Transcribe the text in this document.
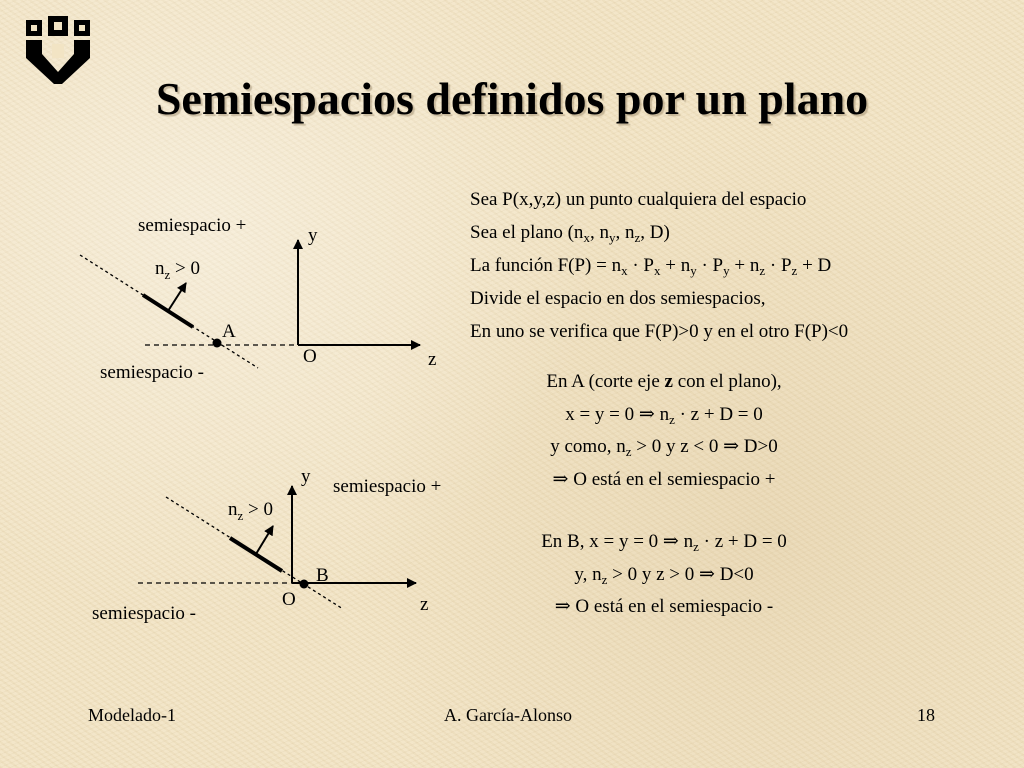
Semiespacios definidos por un plano
semiespacio +
$n_z > 0$
y
z
O
A
semiespacio -
semiespacio +
$n_z > 0$
y
z
O
B
semiespacio -
Sea P(x,y,z) un punto cualquiera del espacio
Sea el plano ($n_x$, $n_y$, $n_z$, D)
La función $F(P) = n_x \cdot P_x + n_y \cdot P_y + n_z \cdot P_z + D$
Divide el espacio en dos semiespacios,
En uno se verifica que F(P)>0 y en el otro F(P)<0
En A (corte eje z con el plano),
x = y = 0 ⇒ $n_z \cdot z + D = 0$
y como, $n_z > 0$ y z < 0 ⇒ D>0
⇒ O está en el semiespacio +
En B, x = y = 0 ⇒ $n_z \cdot z + D = 0$
y, $n_z > 0$ y z > 0 ⇒ D<0
⇒ O está en el semiespacio -
Modelado-1	A. García-Alonso	18
